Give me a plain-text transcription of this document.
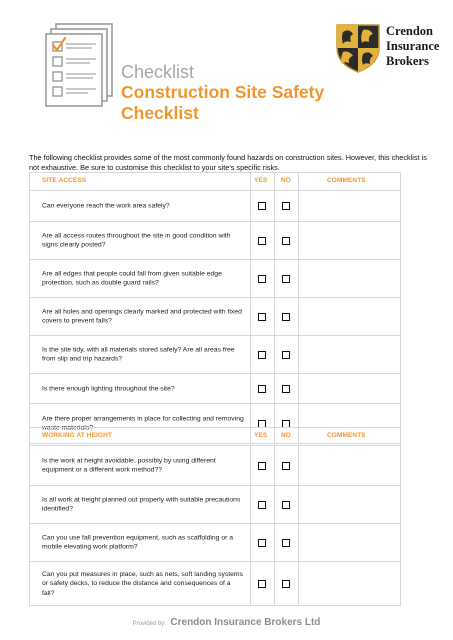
Checklist
Construction Site Safety
Checklist
Crendon
Insurance
Brokers
The following checklist provides some of the most commonly found hazards on construction sites. However, this checklist is not exhaustive. Be sure to customise this checklist to your site's specific risks.
SITE ACCESS	YES NO	COMMENTS
Can everyone reach the work area safely?
Are all access routes throughout the site in good condition with signs clearly posted?
Are all edges that people could fall from given suitable edge protection, such as double guard rails?
Are all holes and openings clearly marked and protected with fixed covers to prevent falls?
Is the site tidy, with all materials stored safely? Are all areas free from slip and trip hazards?
Is there enough lighting throughout the site?
Are there proper arrangements in place for collecting and removing waste materials?
WORKING AT HEIGHT	YES NO	COMMENTS
Is the work at height avoidable, possibly by using different equipment or a different work method??
Is all work at height planned out properly with suitable precautions identified?
Can you use fall prevention equipment, such as scaffolding or a mobile elevating work platform?
Can you put measures in place, such as nets, soft landing systems or safety decks, to reduce the distance and consequences of a fall?
Provided by: Crendon Insurance Brokers Ltd
